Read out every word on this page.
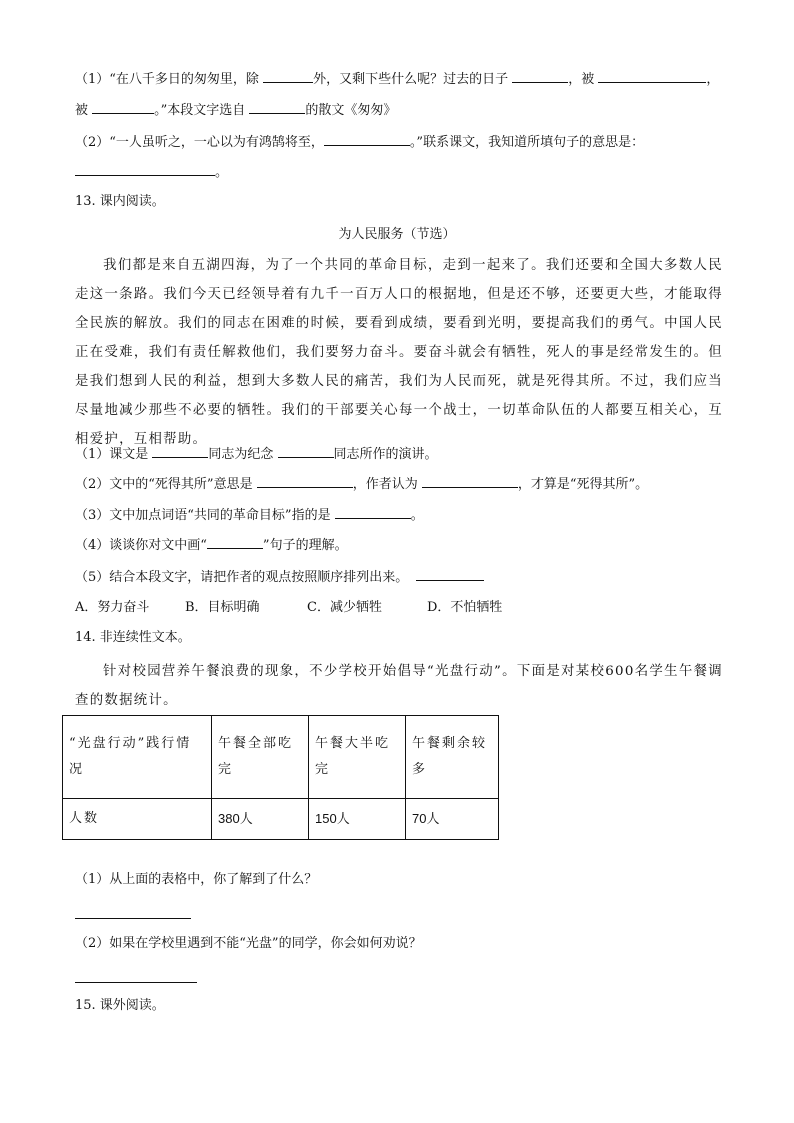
（1）“在八千多日的匆匆里，除	外，又剩下些什么呢？过去的日子	，被	，
被	。”本段文字选自	的散文《匆匆》
（2）“一人虽听之，一心以为有鸿鹄将至，	。”联系课文，我知道所填句子的意思是：
。
13. 课内阅读。
为人民服务（节选）
我们都是来自五湖四海，为了一个共同的革命目标，走到一起来了。我们还要和全国大多数人民走这一条路。我们今天已经领导着有九千一百万人口的根据地，但是还不够，还要更大些，才能取得全民族的解放。我们的同志在困难的时候，要看到成绩，要看到光明，要提高我们的勇气。中国人民正在受难，我们有责任解救他们，我们要努力奋斗。要奋斗就会有牺牲，死人的事是经常发生的。但是我们想到人民的利益，想到大多数人民的痛苦，我们为人民而死，就是死得其所。不过，我们应当尽量地减少那些不必要的牺牲。我们的干部要关心每一个战士，一切革命队伍的人都要互相关心，互相爱护，互相帮助。
（1）课文是	同志为纪念	同志所作的演讲。
（2）文中的“死得其所”意思是	，作者认为	，才算是“死得其所”。
（3）文中加点词语“共同的革命目标”指的是	。
（4）谈谈你对文中画“	”句子的理解。
（5）结合本段文字，请把作者的观点按照顺序排列出来。
A．努力奋斗	B．目标明确	C．减少牺牲	D．不怕牺牲
14. 非连续性文本。
针对校园营养午餐浪费的现象，不少学校开始倡导“光盘行动”。下面是对某校600名学生午餐调查的数据统计。
“光盘行动”践行情况	午餐全部吃完	午餐大半吃完	午餐剩余较多
人数	380人	150人	70人
（1）从上面的表格中，你了解到了什么？
（2）如果在学校里遇到不能“光盘”的同学，你会如何劝说？
15. 课外阅读。
